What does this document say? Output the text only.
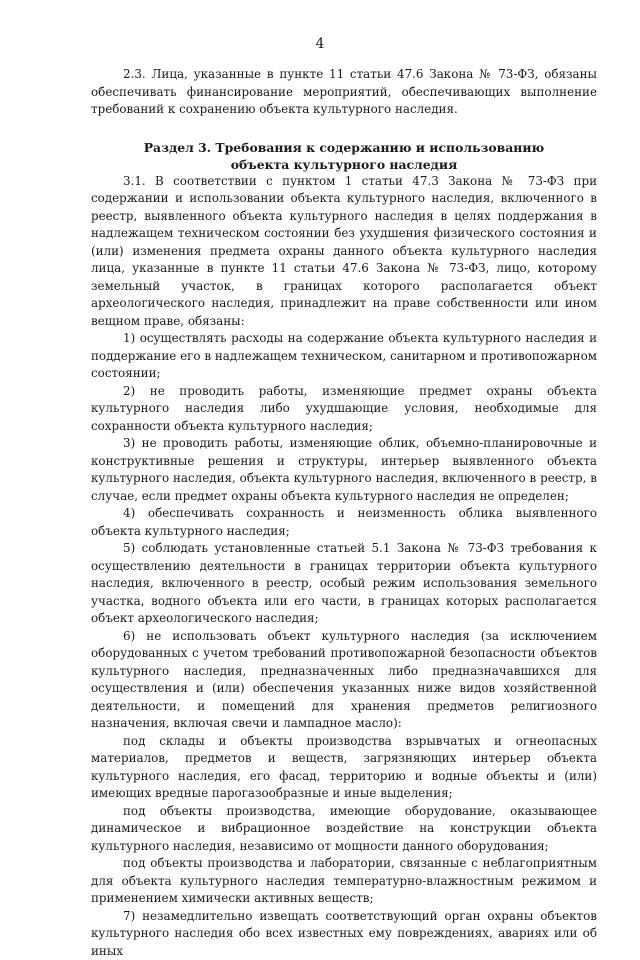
4

2.3. Лица, указанные в пункте 11 статьи 47.6 Закона № 73-ФЗ, обязаны обеспечивать финансирование мероприятий, обеспечивающих выполнение требований к сохранению объекта культурного наследия.

Раздел 3. Требования к содержанию и использованию
объекта культурного наследия

3.1. В соответствии с пунктом 1 статьи 47.3 Закона № 73-ФЗ при содержании и использовании объекта культурного наследия, включенного в реестр, выявленного объекта культурного наследия в целях поддержания в надлежащем техническом состоянии без ухудшения физического состояния и (или) изменения предмета охраны данного объекта культурного наследия лица, указанные в пункте 11 статьи 47.6 Закона № 73-ФЗ, лицо, которому земельный участок, в границах которого располагается объект археологического наследия, принадлежит на праве собственности или ином вещном праве, обязаны:

1) осуществлять расходы на содержание объекта культурного наследия и поддержание его в надлежащем техническом, санитарном и противопожарном состоянии;

2) не проводить работы, изменяющие предмет охраны объекта культурного наследия либо ухудшающие условия, необходимые для сохранности объекта культурного наследия;

3) не проводить работы, изменяющие облик, объемно-планировочные и конструктивные решения и структуры, интерьер выявленного объекта культурного наследия, объекта культурного наследия, включенного в реестр, в случае, если предмет охраны объекта культурного наследия не определен;

4) обеспечивать сохранность и неизменность облика выявленного объекта культурного наследия;

5) соблюдать установленные статьей 5.1 Закона № 73-ФЗ требования к осуществлению деятельности в границах территории объекта культурного наследия, включенного в реестр, особый режим использования земельного участка, водного объекта или его части, в границах которых располагается объект археологического наследия;

6) не использовать объект культурного наследия (за исключением оборудованных с учетом требований противопожарной безопасности объектов культурного наследия, предназначенных либо предназначавшихся для осуществления и (или) обеспечения указанных ниже видов хозяйственной деятельности, и помещений для хранения предметов религиозного назначения, включая свечи и лампадное масло):

под склады и объекты производства взрывчатых и огнеопасных материалов, предметов и веществ, загрязняющих интерьер объекта культурного наследия, его фасад, территорию и водные объекты и (или) имеющих вредные парогазообразные и иные выделения;

под объекты производства, имеющие оборудование, оказывающее динамическое и вибрационное воздействие на конструкции объекта культурного наследия, независимо от мощности данного оборудования;

под объекты производства и лаборатории, связанные с неблагоприятным для объекта культурного наследия температурно-влажностным режимом и применением химически активных веществ;

7) незамедлительно извещать соответствующий орган охраны объектов культурного наследия обо всех известных ему повреждениях, авариях или об иных
